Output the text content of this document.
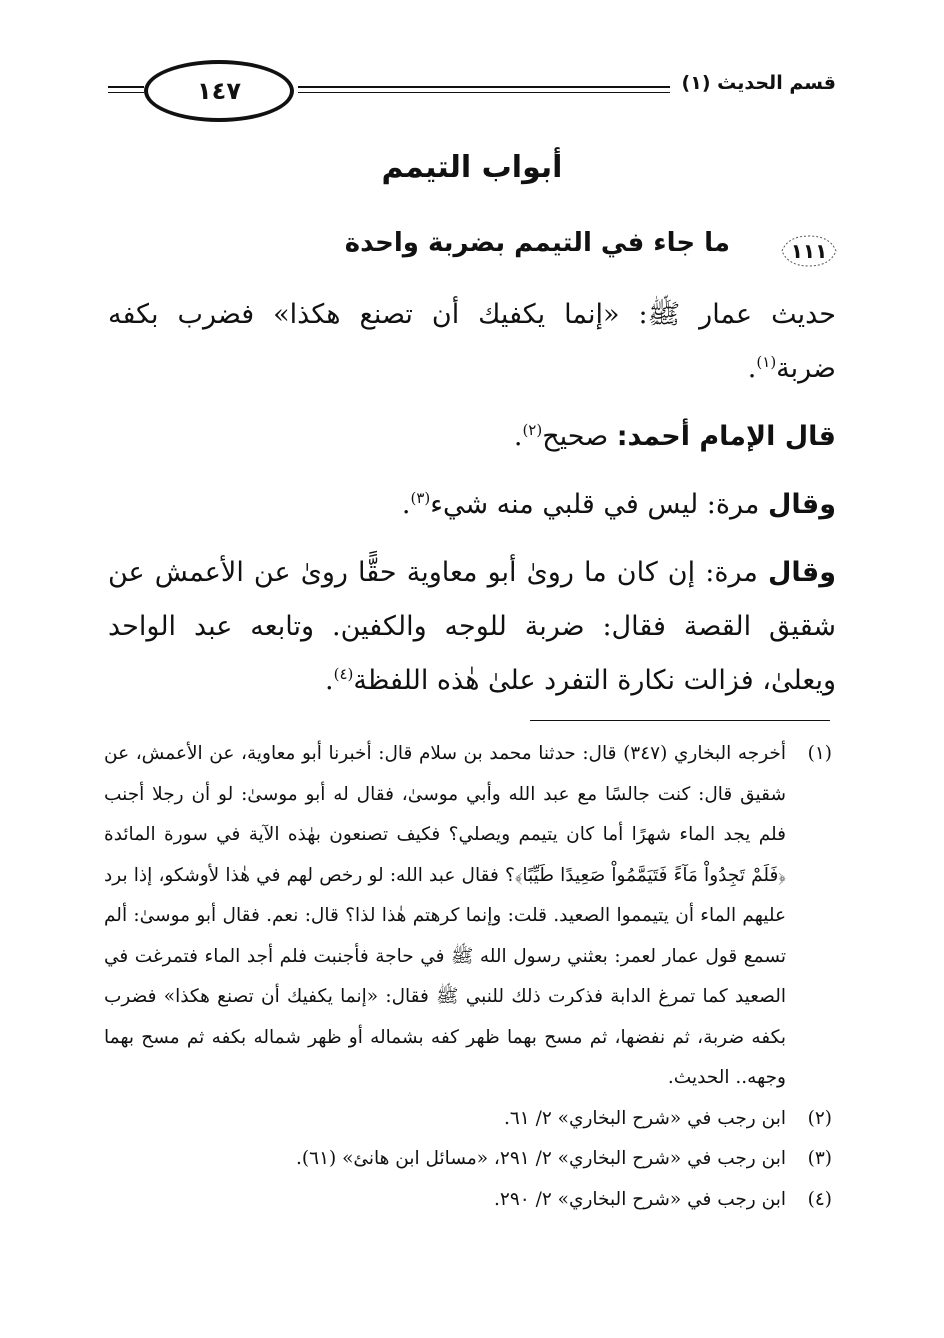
١٤٧	قسم الحديث (١)
أبواب التيمم
١١١
ما جاء في التيمم بضربة واحدة

حديث عمار ﷺ: «إنما يكفيك أن تصنع هكذا» فضرب بكفه ضربة$^{(١)}$.

قال الإمام أحمد: صحيح$^{(٢)}$.

وقال مرة: ليس في قلبي منه شيء$^{(٣)}$.

وقال مرة: إن كان ما روىٰ أبو معاوية حقًّا روىٰ عن الأعمش عن شقيق القصة فقال: ضربة للوجه والكفين. وتابعه عبد الواحد ويعلىٰ، فزالت نكارة التفرد علىٰ هٰذه اللفظة$^{(٤)}$.

(١)
أخرجه البخاري (٣٤٧) قال: حدثنا محمد بن سلام قال: أخبرنا أبو معاوية، عن الأعمش، عن شقيق قال: كنت جالسًا مع عبد الله وأبي موسىٰ، فقال له أبو موسىٰ: لو أن رجلا أجنب فلم يجد الماء شهرًا أما كان يتيمم ويصلي؟ فكيف تصنعون بهٰذه الآية في سورة المائدة ﴿فَلَمْ تَجِدُواْ مَآءً فَتَيَمَّمُواْ صَعِيدًا طَيِّبًا﴾؟ فقال عبد الله: لو رخص لهم في هٰذا لأوشكو، إذا برد عليهم الماء أن يتيمموا الصعيد. قلت: وإنما كرهتم هٰذا لذا؟ قال: نعم. فقال أبو موسىٰ: ألم تسمع قول عمار لعمر: بعثني رسول الله ﷺ في حاجة فأجنبت فلم أجد الماء فتمرغت في الصعيد كما تمرغ الدابة فذكرت ذلك للنبي ﷺ فقال: «إنما يكفيك أن تصنع هكذا» فضرب بكفه ضربة، ثم نفضها، ثم مسح بهما ظهر كفه بشماله أو ظهر شماله بكفه ثم مسح بهما وجهه.. الحديث.
(٢)
ابن رجب في «شرح البخاري» ٢/ ٦١.
(٣)
ابن رجب في «شرح البخاري» ٢/ ٢٩١، «مسائل ابن هانئ» (٦١).
(٤)
ابن رجب في «شرح البخاري» ٢/ ٢٩٠.
